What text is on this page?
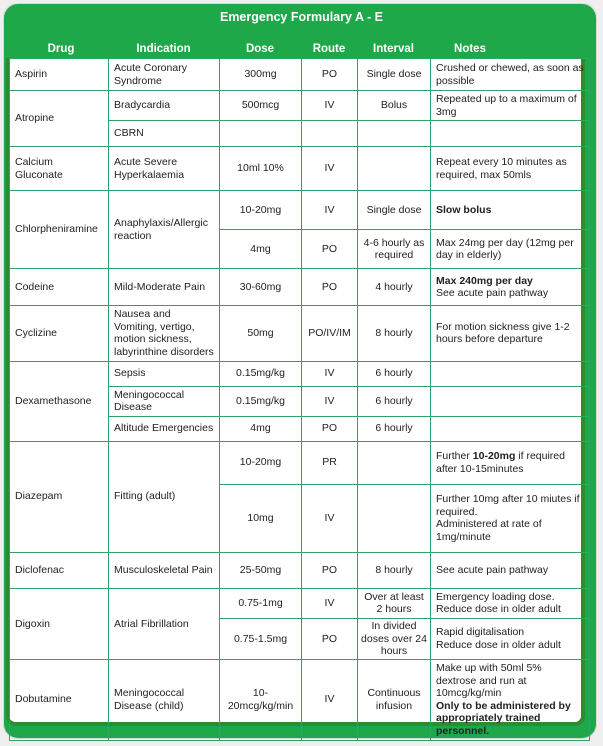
Emergency Formulary A - E
Drug	Indication	Dose	Route	Interval	Notes
Aspirin	Acute Coronary Syndrome	300mg	PO	Single dose	Crushed or chewed, as soon as possible
Atropine	Bradycardia	500mcg	IV	Bolus	Repeated up to a maximum of 3mg
	CBRN				
Calcium Gluconate	Acute Severe Hyperkalaemia	10ml 10%	IV		Repeat every 10 minutes as required, max 50mls
Chlorpheniramine	Anaphylaxis/Allergic reaction	10-20mg	IV	Single dose	Slow bolus
		4mg	PO	4-6 hourly as required	Max 24mg per day (12mg per day in elderly)
Codeine	Mild-Moderate Pain	30-60mg	PO	4 hourly	Max 240mg per day
See acute pain pathway

Cyclizine	Nausea and Vomiting, vertigo, motion sickness, labyrinthine disorders	50mg	PO/IV/IM	8 hourly	For motion sickness give 1-2 hours before departure
Dexamethasone	Sepsis	0.15mg/kg	IV	6 hourly	
	Meningococcal Disease	0.15mg/kg	IV	6 hourly	
	Altitude Emergencies	4mg	PO	6 hourly	
Diazepam	Fitting (adult)	10-20mg	PR		Further 10-20mg if required after 10-15minutes
		10mg	IV		Further 10mg after 10 miutes if required.
Administered at rate of 1mg/minute

Diclofenac	Musculoskeletal Pain	25-50mg	PO	8 hourly	See acute pain pathway
Digoxin	Atrial Fibrillation	0.75-1mg	IV	Over at least 2 hours	Emergency loading dose.
Reduce dose in older adult

		0.75-1.5mg	PO	In divided doses over 24 hours	Rapid digitalisation
Reduce dose in older adult

Dobutamine	Meningococcal Disease (child)	10-20mcg/kg/min	IV	Continuous infusion	Make up with 50ml 5% dextrose and run at 10mcg/kg/min
Only to be administered by appropriately trained personnel.
